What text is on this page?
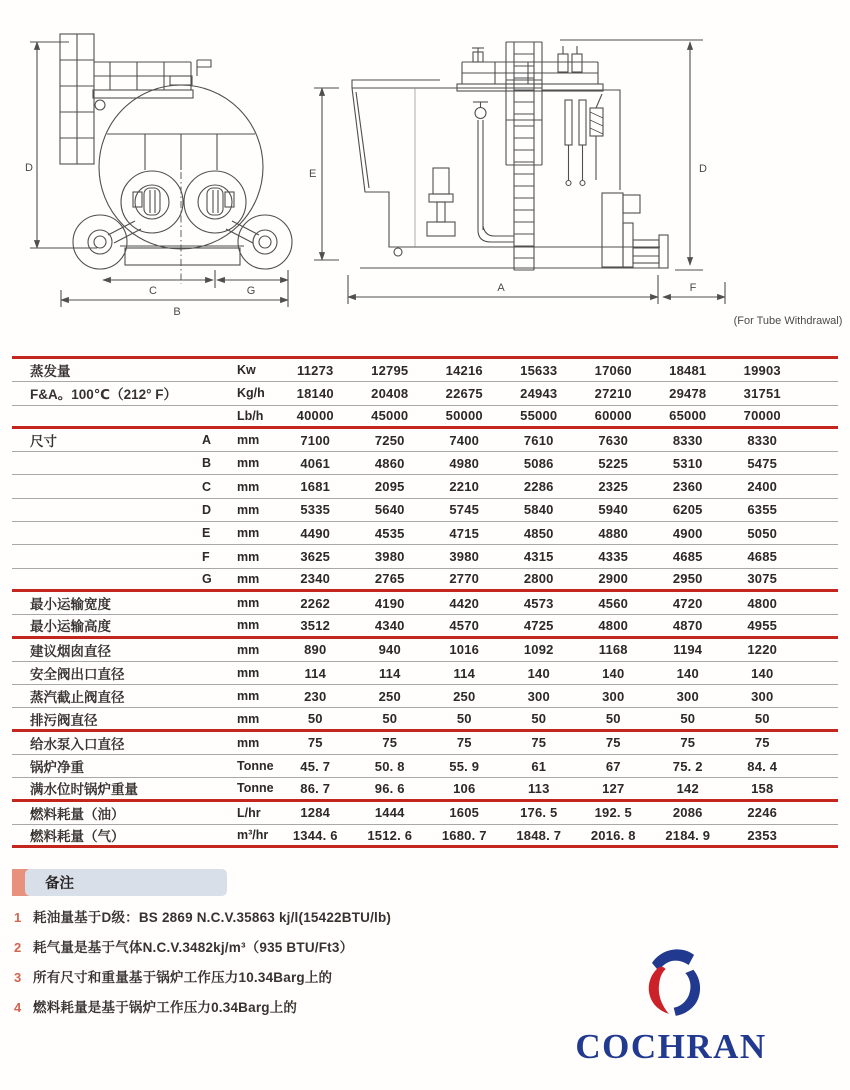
D
C	G
B
E	D
A	F
(For Tube Withdrawal)
蒸发量	Kw	11273	12795	14216	15633	17060	18481	19903
F&A。100℃（212° F）	Kg/h	18140	20408	22675	24943	27210	29478	31751
Lb/h	40000	45000	50000	55000	60000	65000	70000
尺寸	A	mm	7100	7250	7400	7610	7630	8330	8330
B	mm	4061	4860	4980	5086	5225	5310	5475
C	mm	1681	2095	2210	2286	2325	2360	2400
D	mm	5335	5640	5745	5840	5940	6205	6355
E	mm	4490	4535	4715	4850	4880	4900	5050
F	mm	3625	3980	3980	4315	4335	4685	4685
G	mm	2340	2765	2770	2800	2900	2950	3075
最小运输宽度	mm	2262	4190	4420	4573	4560	4720	4800
最小运输高度	mm	3512	4340	4570	4725	4800	4870	4955
建议烟囱直径	mm	890	940	1016	1092	1168	1194	1220
安全阀出口直径	mm	114	114	114	140	140	140	140
蒸汽截止阀直径	mm	230	250	250	300	300	300	300
排污阀直径	mm	50	50	50	50	50	50	50
给水泵入口直径	mm	75	75	75	75	75	75	75
锅炉净重	Tonne	45. 7	50. 8	55. 9	61	67	75. 2	84. 4
满水位时锅炉重量	Tonne	86. 7	96. 6	106	113	127	142	158
燃料耗量（油）	L/hr	1284	1444	1605	176. 5	192. 5	2086	2246
燃料耗量（气）	m³/hr	1344. 6	1512. 6	1680. 7	1848. 7	2016. 8	2184. 9	2353
备注
1 耗油量基于D级：BS 2869 N.C.V.35863 kj/l(15422BTU/lb)
2 耗气量是基于气体N.C.V.3482kj/m³（935 BTU/Ft3）
3 所有尺寸和重量基于锅炉工作压力10.34Barg上的
4 燃料耗量是基于锅炉工作压力0.34Barg上的
COCHRAN
